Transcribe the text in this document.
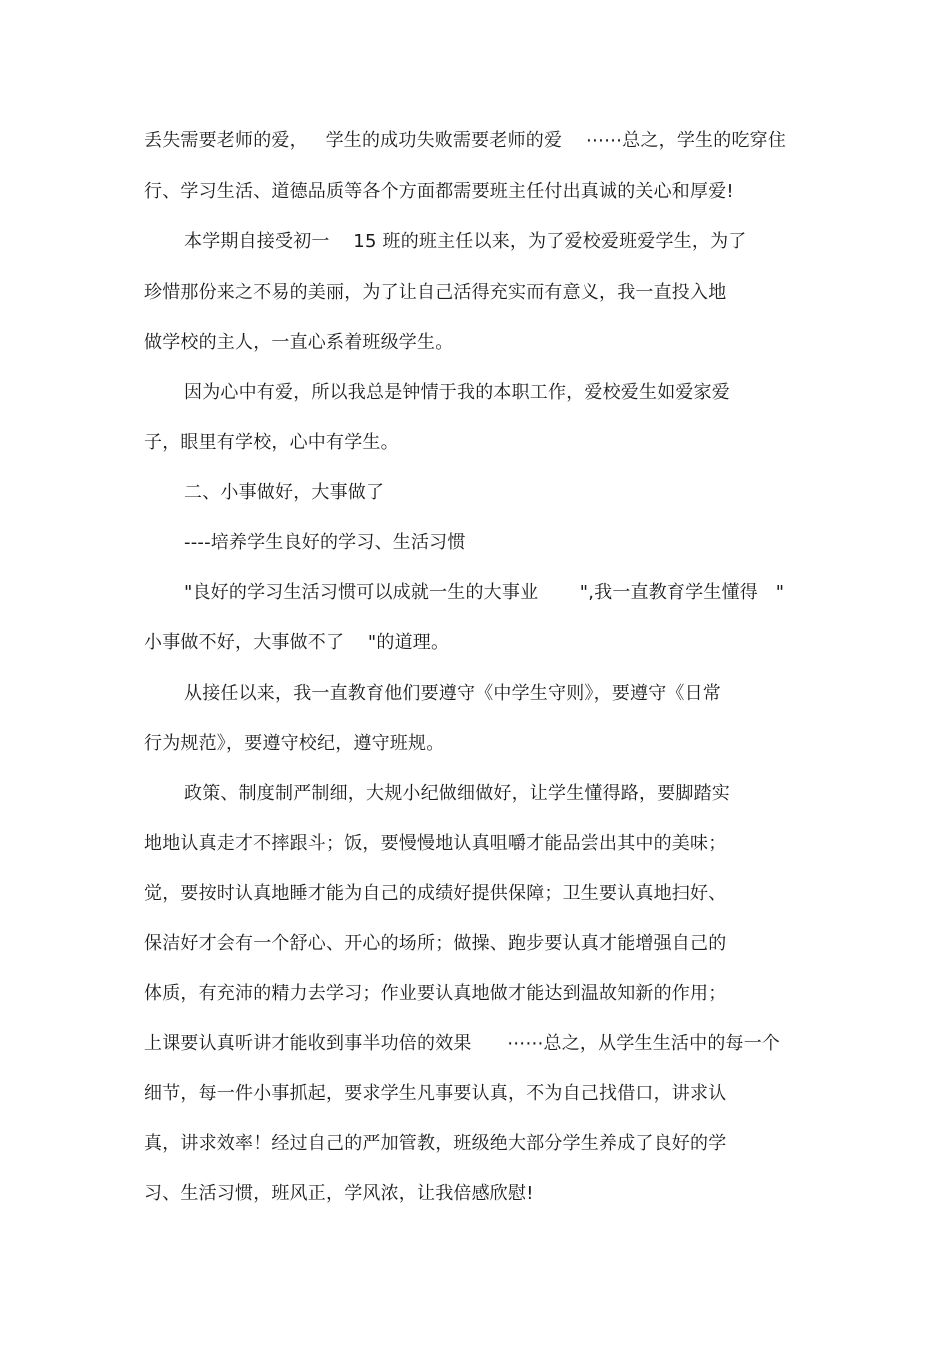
丢失需要老师的爱，   学生的成功失败需要老师的爱    ⋯⋯总之，学生的吃穿住
行、学习生活、道德品质等各个方面都需要班主任付出真诚的关心和厚爱!
本学期自接受初一    15 班的班主任以来，为了爱校爱班爱学生，为了
珍惜那份来之不易的美丽，为了让自己活得充实而有意义，我一直投入地
做学校的主人，一直心系着班级学生。
因为心中有爱，所以我总是钟情于我的本职工作，爱校爱生如爱家爱
子，眼里有学校，心中有学生。
二、小事做好，大事做了
----培养学生良好的学习、生活习惯
"良好的学习生活习惯可以成就一生的大事业       ",我一直教育学生懂得   "
小事做不好，大事做不了    "的道理。
从接任以来，我一直教育他们要遵守《中学生守则》，要遵守《日常
行为规范》，要遵守校纪，遵守班规。
政策、制度制严制细，大规小纪做细做好，让学生懂得路，要脚踏实
地地认真走才不摔跟斗；饭，要慢慢地认真咀嚼才能品尝出其中的美味；
觉，要按时认真地睡才能为自己的成绩好提供保障；卫生要认真地扫好、
保洁好才会有一个舒心、开心的场所；做操、跑步要认真才能增强自己的
体质，有充沛的精力去学习；作业要认真地做才能达到温故知新的作用；
上课要认真听讲才能收到事半功倍的效果      ⋯⋯总之，从学生生活中的每一个
细节，每一件小事抓起，要求学生凡事要认真，不为自己找借口，讲求认
真，讲求效率！经过自己的严加管教，班级绝大部分学生养成了良好的学
习、生活习惯，班风正，学风浓，让我倍感欣慰!
